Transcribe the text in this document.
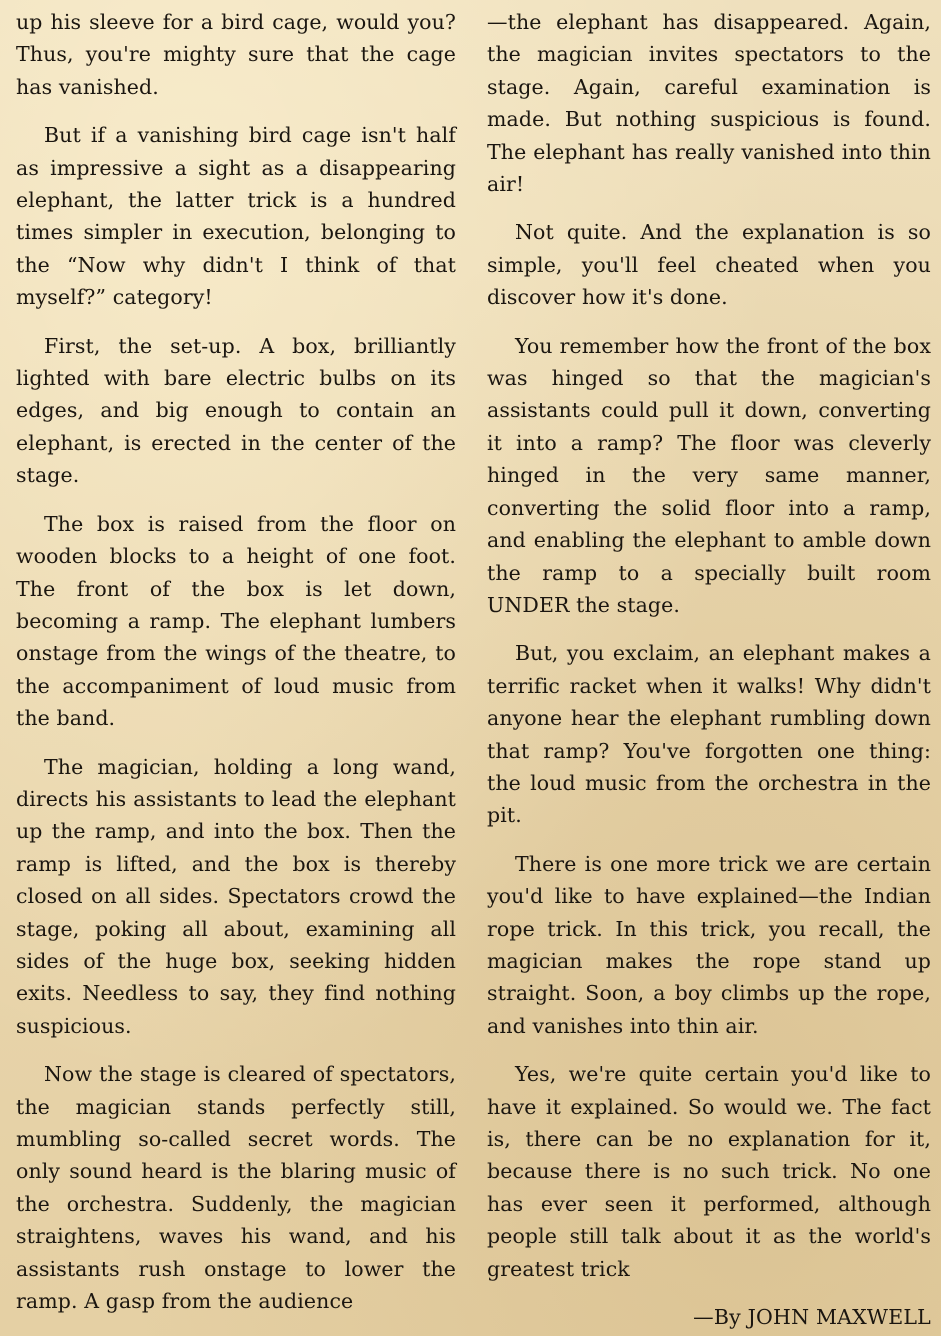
up his sleeve for a bird cage, would you? Thus, you're mighty sure that the cage has vanished.

But if a vanishing bird cage isn't half as impressive a sight as a disappearing elephant, the latter trick is a hundred times simpler in execution, belonging to the “Now why didn't I think of that myself?” category!

First, the set-up. A box, brilliantly lighted with bare electric bulbs on its edges, and big enough to contain an elephant, is erected in the center of the stage.

The box is raised from the floor on wooden blocks to a height of one foot. The front of the box is let down, becoming a ramp. The elephant lumbers onstage from the wings of the theatre, to the accompaniment of loud music from the band.

The magician, holding a long wand, directs his assistants to lead the elephant up the ramp, and into the box. Then the ramp is lifted, and the box is thereby closed on all sides. Spectators crowd the stage, poking all about, examining all sides of the huge box, seeking hidden exits. Needless to say, they find nothing suspicious.

Now the stage is cleared of spectators, the magician stands perfectly still, mumbling so-called secret words. The only sound heard is the blaring music of the orchestra. Suddenly, the magician straightens, waves his wand, and his assistants rush onstage to lower the ramp. A gasp from the audience

—the elephant has disappeared. Again, the magician invites spectators to the stage. Again, careful examination is made. But nothing suspicious is found. The elephant has really vanished into thin air!

Not quite. And the explanation is so simple, you'll feel cheated when you discover how it's done.

You remember how the front of the box was hinged so that the magician's assistants could pull it down, converting it into a ramp? The floor was cleverly hinged in the very same manner, converting the solid floor into a ramp, and enabling the elephant to amble down the ramp to a specially built room UNDER the stage.

But, you exclaim, an elephant makes a terrific racket when it walks! Why didn't anyone hear the elephant rumbling down that ramp? You've forgotten one thing: the loud music from the orchestra in the pit.

There is one more trick we are certain you'd like to have explained—the Indian rope trick. In this trick, you recall, the magician makes the rope stand up straight. Soon, a boy climbs up the rope, and vanishes into thin air.

Yes, we're quite certain you'd like to have it explained. So would we. The fact is, there can be no explanation for it, because there is no such trick. No one has ever seen it performed, although people still talk about it as the world's greatest trick

—By JOHN MAXWELL
